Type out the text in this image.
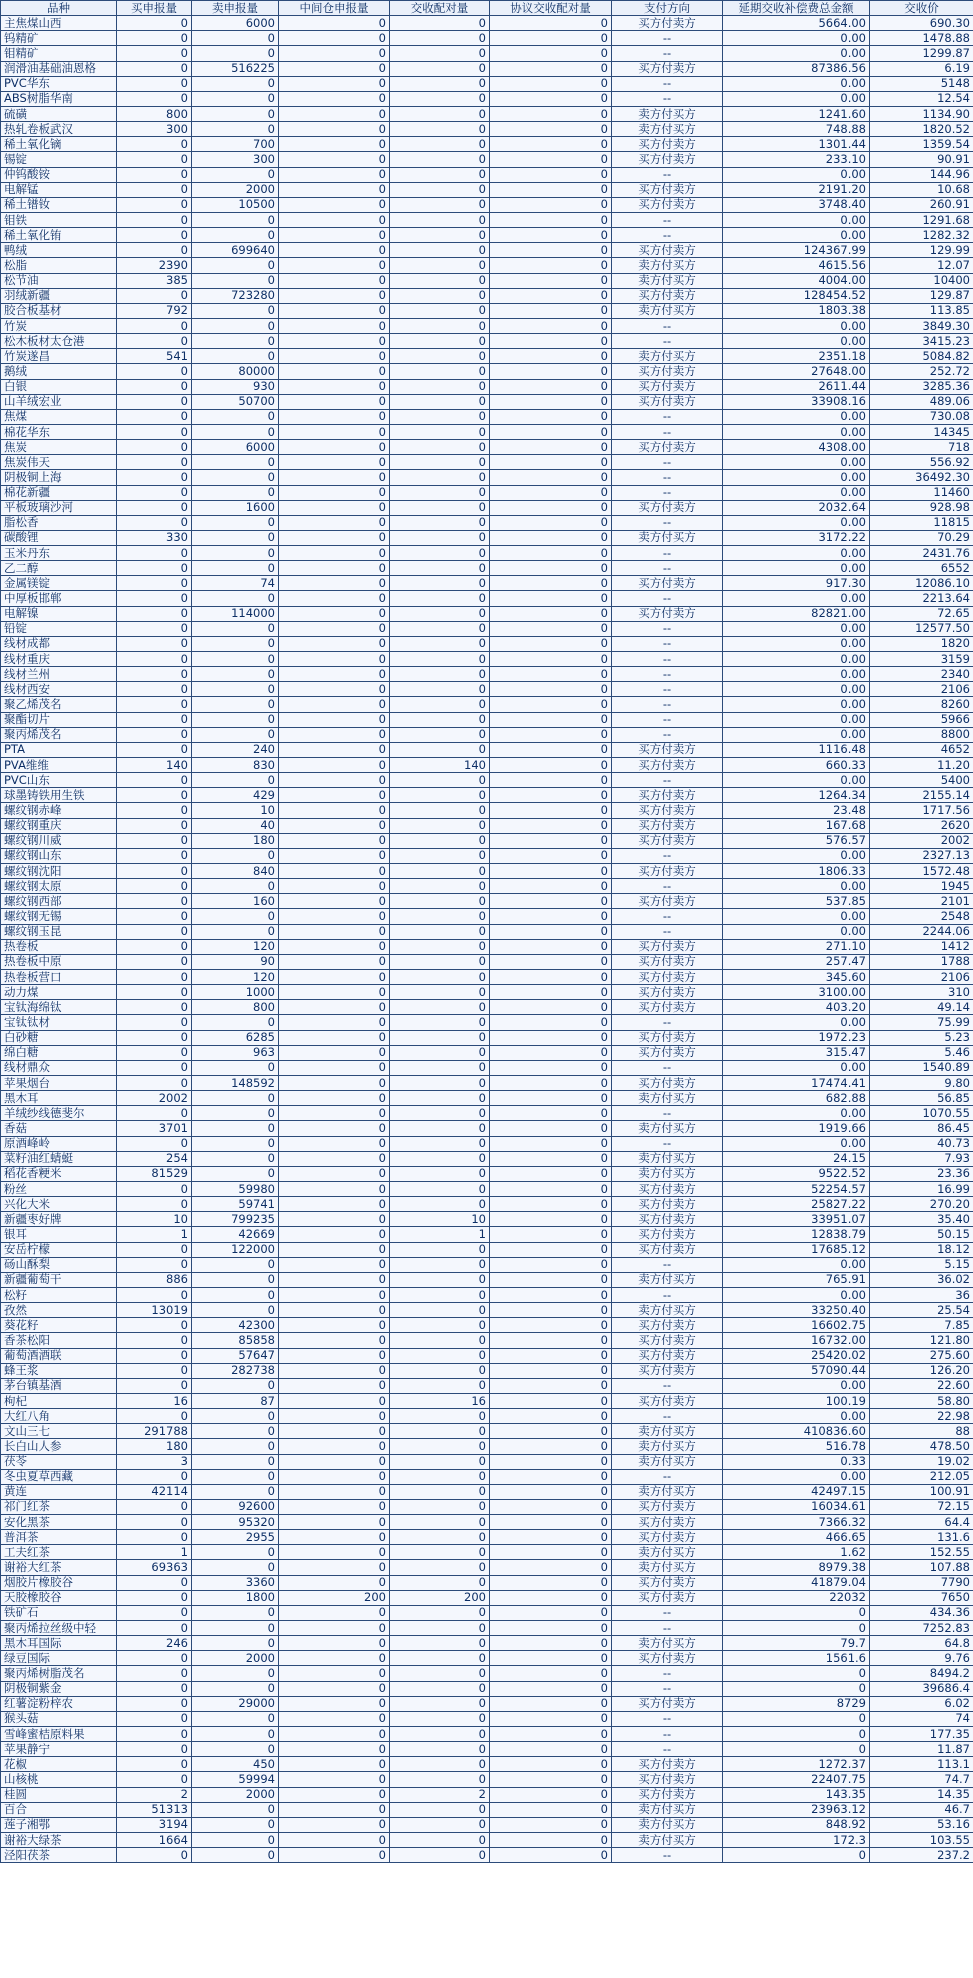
品种	买申报量	卖申报量	中间仓申报量	交收配对量	协议交收配对量	支付方向	延期交收补偿费总金额	交收价
主焦煤山西	0	6000	0	0	0	买方付卖方	5664.00	690.30
钨精矿	0	0	0	0	0	--	0.00	1478.88
钼精矿	0	0	0	0	0	--	0.00	1299.87
润滑油基础油恩格	0	516225	0	0	0	买方付卖方	87386.56	6.19
PVC华东	0	0	0	0	0	--	0.00	5148
ABS树脂华南	0	0	0	0	0	--	0.00	12.54
硫磺	800	0	0	0	0	卖方付买方	1241.60	1134.90
热轧卷板武汉	300	0	0	0	0	卖方付买方	748.88	1820.52
稀土氧化镝	0	700	0	0	0	买方付卖方	1301.44	1359.54
锡锭	0	300	0	0	0	买方付卖方	233.10	90.91
仲钨酸铵	0	0	0	0	0	--	0.00	144.96
电解锰	0	2000	0	0	0	买方付卖方	2191.20	10.68
稀土镨钕	0	10500	0	0	0	买方付卖方	3748.40	260.91
钼铁	0	0	0	0	0	--	0.00	1291.68
稀土氧化铕	0	0	0	0	0	--	0.00	1282.32
鸭绒	0	699640	0	0	0	买方付卖方	124367.99	129.99
松脂	2390	0	0	0	0	卖方付买方	4615.56	12.07
松节油	385	0	0	0	0	卖方付买方	4004.00	10400
羽绒新疆	0	723280	0	0	0	买方付卖方	128454.52	129.87
胶合板基材	792	0	0	0	0	卖方付买方	1803.38	113.85
竹炭	0	0	0	0	0	--	0.00	3849.30
松木板材太仓港	0	0	0	0	0	--	0.00	3415.23
竹炭遂昌	541	0	0	0	0	卖方付买方	2351.18	5084.82
鹅绒	0	80000	0	0	0	买方付卖方	27648.00	252.72
白银	0	930	0	0	0	买方付卖方	2611.44	3285.36
山羊绒宏业	0	50700	0	0	0	买方付卖方	33908.16	489.06
焦煤	0	0	0	0	0	--	0.00	730.08
棉花华东	0	0	0	0	0	--	0.00	14345
焦炭	0	6000	0	0	0	买方付卖方	4308.00	718
焦炭伟天	0	0	0	0	0	--	0.00	556.92
阴极铜上海	0	0	0	0	0	--	0.00	36492.30
棉花新疆	0	0	0	0	0	--	0.00	11460
平板玻璃沙河	0	1600	0	0	0	买方付卖方	2032.64	928.98
脂松香	0	0	0	0	0	--	0.00	11815
碳酸锂	330	0	0	0	0	卖方付买方	3172.22	70.29
玉米丹东	0	0	0	0	0	--	0.00	2431.76
乙二醇	0	0	0	0	0	--	0.00	6552
金属镁锭	0	74	0	0	0	买方付卖方	917.30	12086.10
中厚板邯郸	0	0	0	0	0	--	0.00	2213.64
电解镍	0	114000	0	0	0	买方付卖方	82821.00	72.65
铅锭	0	0	0	0	0	--	0.00	12577.50
线材成都	0	0	0	0	0	--	0.00	1820
线材重庆	0	0	0	0	0	--	0.00	3159
线材兰州	0	0	0	0	0	--	0.00	2340
线材西安	0	0	0	0	0	--	0.00	2106
聚乙烯茂名	0	0	0	0	0	--	0.00	8260
聚酯切片	0	0	0	0	0	--	0.00	5966
聚丙烯茂名	0	0	0	0	0	--	0.00	8800
PTA	0	240	0	0	0	买方付卖方	1116.48	4652
PVA维维	140	830	0	140	0	买方付卖方	660.33	11.20
PVC山东	0	0	0	0	0	--	0.00	5400
球墨铸铁用生铁	0	429	0	0	0	买方付卖方	1264.34	2155.14
螺纹钢赤峰	0	10	0	0	0	买方付卖方	23.48	1717.56
螺纹钢重庆	0	40	0	0	0	买方付卖方	167.68	2620
螺纹钢川威	0	180	0	0	0	买方付卖方	576.57	2002
螺纹钢山东	0	0	0	0	0	--	0.00	2327.13
螺纹钢沈阳	0	840	0	0	0	买方付卖方	1806.33	1572.48
螺纹钢太原	0	0	0	0	0	--	0.00	1945
螺纹钢西部	0	160	0	0	0	买方付卖方	537.85	2101
螺纹钢无锡	0	0	0	0	0	--	0.00	2548
螺纹钢玉昆	0	0	0	0	0	--	0.00	2244.06
热卷板	0	120	0	0	0	买方付卖方	271.10	1412
热卷板中原	0	90	0	0	0	买方付卖方	257.47	1788
热卷板营口	0	120	0	0	0	买方付卖方	345.60	2106
动力煤	0	1000	0	0	0	买方付卖方	3100.00	310
宝钛海绵钛	0	800	0	0	0	买方付卖方	403.20	49.14
宝钛钛材	0	0	0	0	0	--	0.00	75.99
白砂糖	0	6285	0	0	0	买方付卖方	1972.23	5.23
绵白糖	0	963	0	0	0	买方付卖方	315.47	5.46
线材鼎众	0	0	0	0	0	--	0.00	1540.89
苹果烟台	0	148592	0	0	0	买方付卖方	17474.41	9.80
黑木耳	2002	0	0	0	0	卖方付买方	682.88	56.85
羊绒纱线德斐尔	0	0	0	0	0	--	0.00	1070.55
香菇	3701	0	0	0	0	卖方付买方	1919.66	86.45
原酒峰岭	0	0	0	0	0	--	0.00	40.73
菜籽油红蜻蜓	254	0	0	0	0	卖方付买方	24.15	7.93
稻花香粳米	81529	0	0	0	0	卖方付买方	9522.52	23.36
粉丝	0	59980	0	0	0	买方付卖方	52254.57	16.99
兴化大米	0	59741	0	0	0	买方付卖方	25827.22	270.20
新疆枣好牌	10	799235	0	10	0	买方付卖方	33951.07	35.40
银耳	1	42669	0	1	0	买方付卖方	12838.79	50.15
安岳柠檬	0	122000	0	0	0	买方付卖方	17685.12	18.12
砀山酥梨	0	0	0	0	0	--	0.00	5.15
新疆葡萄干	886	0	0	0	0	卖方付买方	765.91	36.02
松籽	0	0	0	0	0	--	0.00	36
孜然	13019	0	0	0	0	卖方付买方	33250.40	25.54
葵花籽	0	42300	0	0	0	买方付卖方	16602.75	7.85
香茶松阳	0	85858	0	0	0	买方付卖方	16732.00	121.80
葡萄酒酒联	0	57647	0	0	0	买方付卖方	25420.02	275.60
蜂王浆	0	282738	0	0	0	买方付卖方	57090.44	126.20
茅台镇基酒	0	0	0	0	0	--	0.00	22.60
枸杞	16	87	0	16	0	买方付卖方	100.19	58.80
大红八角	0	0	0	0	0	--	0.00	22.98
文山三七	291788	0	0	0	0	卖方付买方	410836.60	88
长白山人参	180	0	0	0	0	卖方付买方	516.78	478.50
茯苓	3	0	0	0	0	卖方付买方	0.33	19.02
冬虫夏草西藏	0	0	0	0	0	--	0.00	212.05
黄连	42114	0	0	0	0	卖方付买方	42497.15	100.91
祁门红茶	0	92600	0	0	0	买方付卖方	16034.61	72.15
安化黑茶	0	95320	0	0	0	买方付卖方	7366.32	64.4
普洱茶	0	2955	0	0	0	买方付卖方	466.65	131.6
工夫红茶	1	0	0	0	0	卖方付买方	1.62	152.55
谢裕大红茶	69363	0	0	0	0	卖方付买方	8979.38	107.88
烟胶片橡胶谷	0	3360	0	0	0	买方付卖方	41879.04	7790
天胶橡胶谷	0	1800	200	200	0	买方付卖方	22032	7650
铁矿石	0	0	0	0	0	--	0	434.36
聚丙烯拉丝级中轻	0	0	0	0	0	--	0	7252.83
黑木耳国际	246	0	0	0	0	卖方付买方	79.7	64.8
绿豆国际	0	2000	0	0	0	买方付卖方	1561.6	9.76
聚丙烯树脂茂名	0	0	0	0	0	--	0	8494.2
阴极铜紫金	0	0	0	0	0	--	0	39686.4
红薯淀粉梓农	0	29000	0	0	0	买方付卖方	8729	6.02
猴头菇	0	0	0	0	0	--	0	74
雪峰蜜桔原料果	0	0	0	0	0	--	0	177.35
苹果静宁	0	0	0	0	0	--	0	11.87
花椒	0	450	0	0	0	买方付卖方	1272.37	113.1
山核桃	0	59994	0	0	0	买方付卖方	22407.75	74.7
桂圆	2	2000	0	2	0	买方付卖方	143.35	14.35
百合	51313	0	0	0	0	卖方付买方	23963.12	46.7
莲子湘鄂	3194	0	0	0	0	卖方付买方	848.92	53.16
谢裕大绿茶	1664	0	0	0	0	卖方付买方	172.3	103.55
泾阳茯茶	0	0	0	0	0	--	0	237.2
